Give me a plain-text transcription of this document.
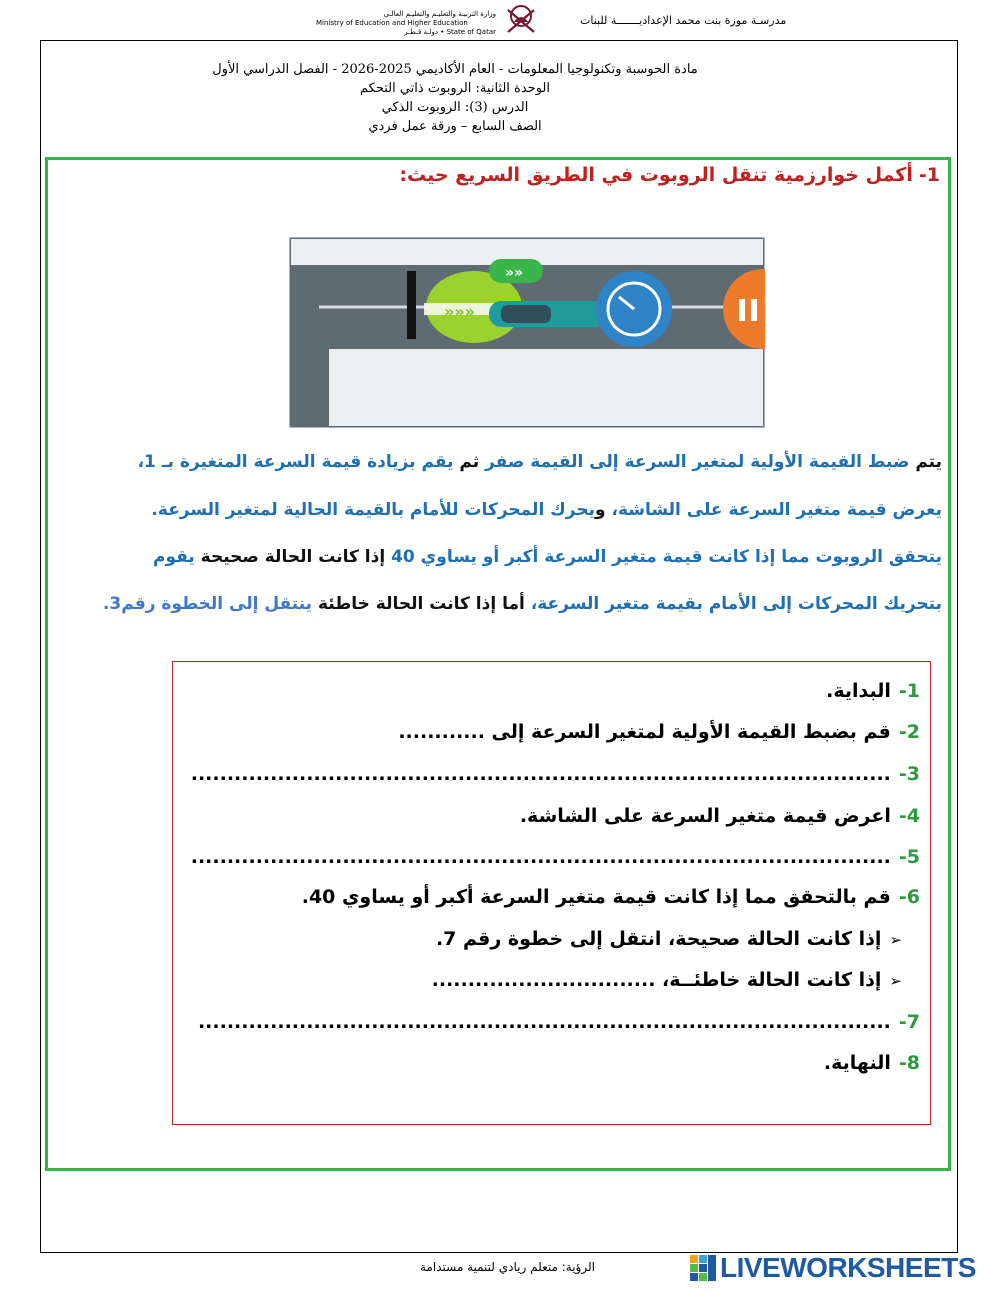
مدرسـة موزة بنت محمد الإعداديـــــــة للبنات
وزارة التربيـة والتعليـم والتعليـم العالـي
Ministry of Education and Higher Education
State of Qatar • دولـة قـطـر
مادة الحوسبة وتكنولوجيا المعلومات - العام الأكاديمي 2025-2026 - الفصل الدراسي الأول
الوحدة الثانية: الروبوت ذاتي التحكم
الدرس (3): الروبوت الذكي
الصف السابع – ورقة عمل فردي
1-أكمل خوارزمية تنقل الروبوت في الطريق السريع حيث:
»»
»»»
يتم ضبط القيمة الأولية لمتغير السرعة إلى القيمة صفر ثم يقم بزيادة قيمة السرعة المتغيرة بـ 1،
يعرض قيمة متغير السرعة على الشاشة، ويحرك المحركات للأمام بالقيمة الحالية لمتغير السرعة.
يتحقق الروبوت مما إذا كانت قيمة متغير السرعة أكبر أو يساوي 40 إذا كانت الحالة صحيحة يقوم
بتحريك المحركات إلى الأمام بقيمة متغير السرعة، أما إذا كانت الحالة خاطئة ينتقل إلى الخطوة رقم3.
1-البداية.
2-قم بضبط القيمة الأولية لمتغير السرعة إلى ............
3-.................................................................................................
4-اعرض قيمة متغير السرعة على الشاشة.
5-.................................................................................................
6-قم بالتحقق مما إذا كانت قيمة متغير السرعة أكبر أو يساوي 40.
➢إذا كانت الحالة صحيحة، انتقل إلى خطوة رقم 7.
➢إذا كانت الحالة خاطئــة، ...............................
7-................................................................................................
8-النهاية.
الرؤية: متعلم ريادي لتنمية مستدامة	LIVEWORKSHEETS
